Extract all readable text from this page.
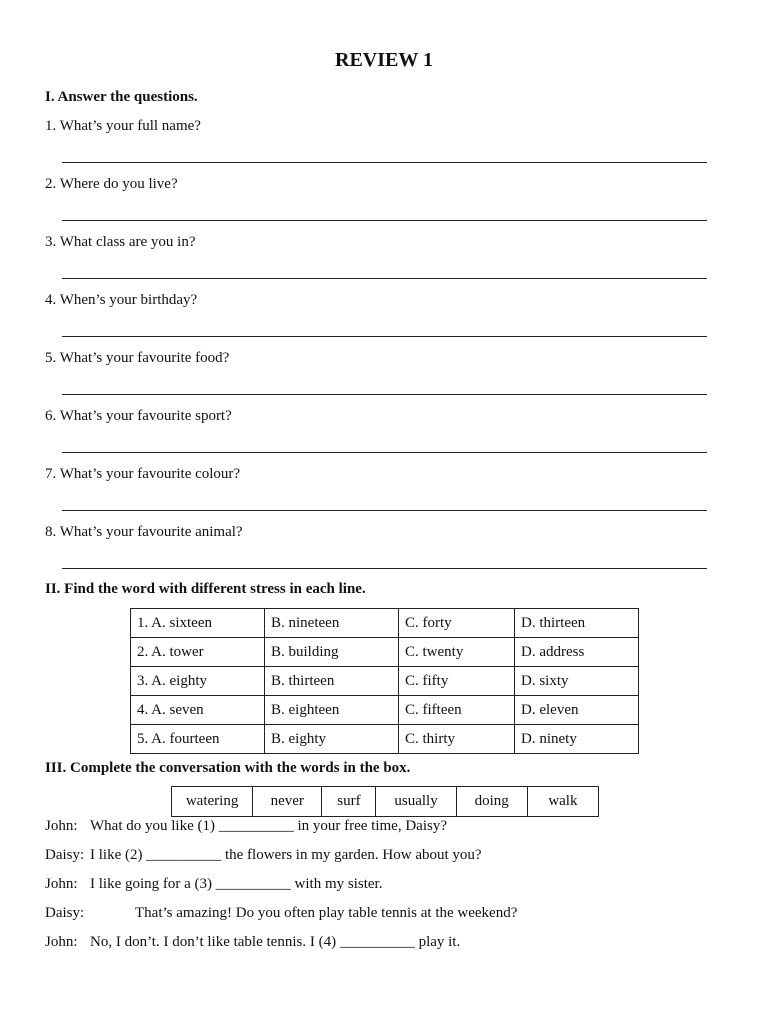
REVIEW 1
I. Answer the questions.
1. What’s your full name?
2. Where do you live?
3. What class are you in?
4. When’s your birthday?
5. What’s your favourite food?
6. What’s your favourite sport?
7. What’s your favourite colour?
8. What’s your favourite animal?
II. Find the word with different stress in each line.
1. A. sixteen	B. nineteen	C. forty	D. thirteen
2. A. tower	B. building	C. twenty	D. address
3. A. eighty	B. thirteen	C. fifty	D. sixty
4. A. seven	B. eighteen	C. fifteen	D. eleven
5. A. fourteen	B. eighty	C. thirty	D. ninety
III. Complete the conversation with the words in the box.
watering	never	surf	usually	doing	walk
John: What do you like (1) __________ in your free time, Daisy?
Daisy: I like (2) __________ the flowers in my garden. How about you?
John: I like going for a (3) __________ with my sister.
Daisy:	That’s amazing! Do you often play table tennis at the weekend?
John: No, I don’t. I don’t like table tennis. I (4) __________ play it.
